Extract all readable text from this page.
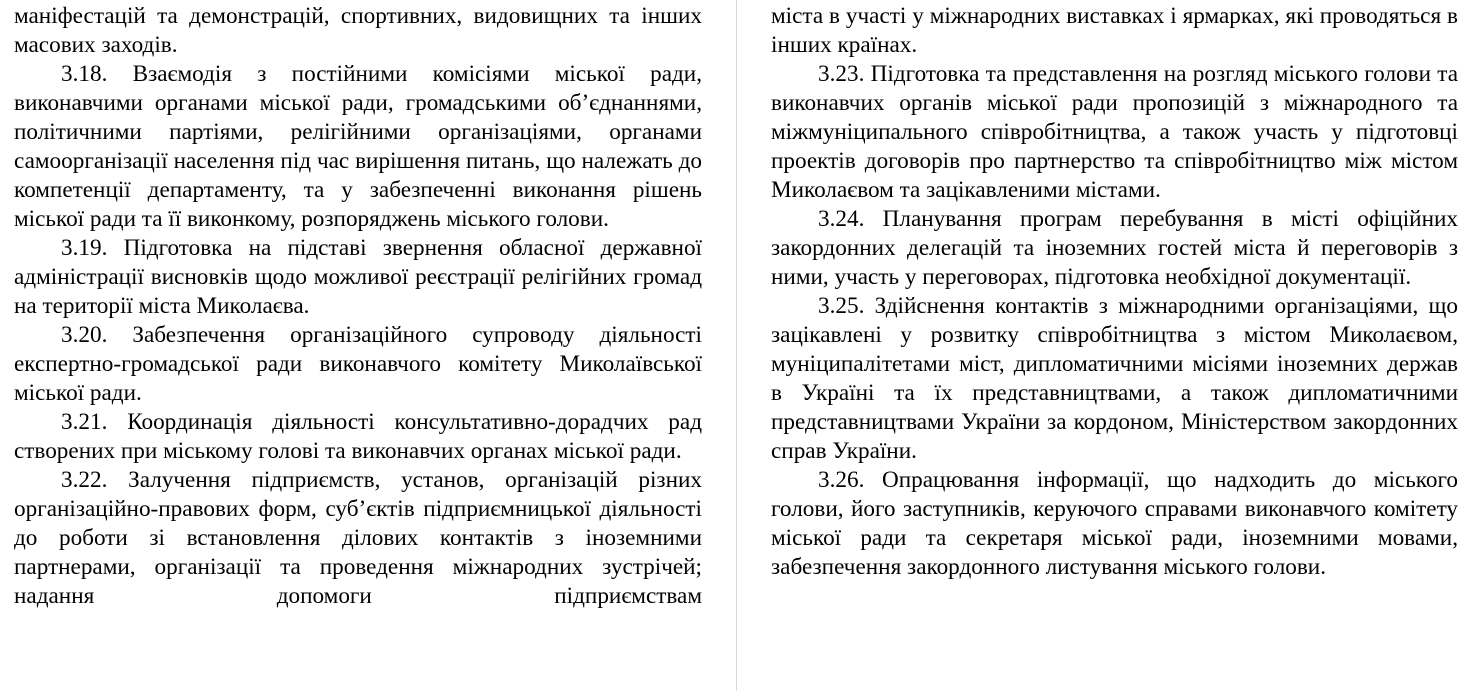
маніфестацій та демонстрацій, спортивних, видовищних та інших масових заходів.

3.18. Взаємодія з постійними комісіями міської ради, виконавчими органами міської ради, громадськими об’єднаннями, політичними партіями, релігійними організаціями, органами самоорганізації населення під час вирішення питань, що належать до компетенції департаменту, та у забезпеченні виконання рішень міської ради та її виконкому, розпоряджень міського голови.

3.19. Підготовка на підставі звернення обласної державної адміністрації висновків щодо можливої реєстрації релігійних громад на території міста Миколаєва.

3.20. Забезпечення організаційного супроводу діяльності експертно-громадської ради виконавчого комітету Миколаївської міської ради.

3.21. Координація діяльності консультативно-дорадчих рад створених при міському голові та виконавчих органах міської ради.

3.22. Залучення підприємств, установ, організацій різних організаційно-правових форм, суб’єктів підприємницької діяльності до роботи зі встановлення ділових контактів з іноземними партнерами, організації та проведення міжнародних зустрічей; надання допомоги підприємствам

міста в участі у міжнародних виставках і ярмарках, які проводяться в інших країнах.

3.23. Підготовка та представлення на розгляд міського голови та виконавчих органів міської ради пропозицій з міжнародного та міжмуніципального співробітництва, а також участь у підготовці проектів договорів про партнерство та співробітництво між містом Миколаєвом та зацікавленими містами.

3.24. Планування програм перебування в місті офіційних закордонних делегацій та іноземних гостей міста й переговорів з ними, участь у переговорах, підготовка необхідної документації.

3.25. Здійснення контактів з міжнародними організаціями, що зацікавлені у розвитку співробітництва з містом Миколаєвом, муніципалітетами міст, дипломатичними місіями іноземних держав в Україні та їх представництвами, а також дипломатичними представництвами України за кордоном, Міністерством закордонних справ України.

3.26. Опрацювання інформації, що надходить до міського голови, його заступників, керуючого справами виконавчого комітету міської ради та секретаря міської ради, іноземними мовами, забезпечення закордонного листування міського голови.
